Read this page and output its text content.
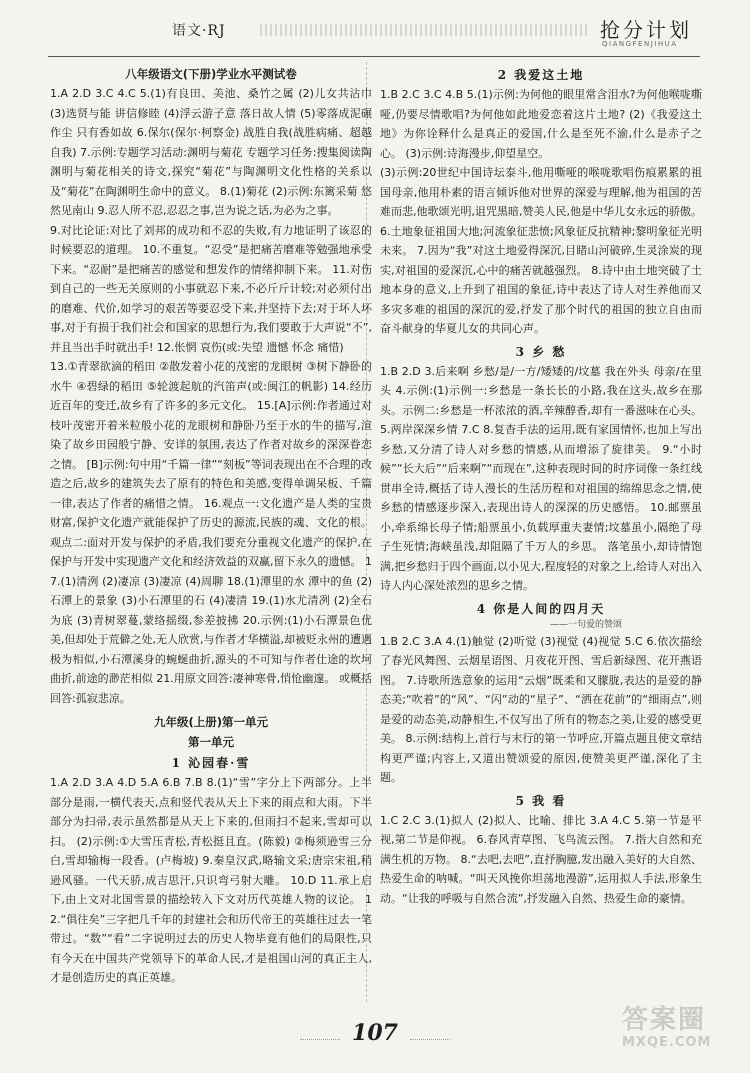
语文·RJ	抢分计划
QIANGFENJIHUA
八年级语文(下册)学业水平测试卷

1.A 2.D 3.C 4.C 5.(1)有良田、美池、桑竹之属 (2)儿女共沾巾 (3)选贤与能 讲信修睦 (4)浮云游子意 落日故人情 (5)零落成泥碾作尘 只有香如故 6.保尔(保尔·柯察金) 战胜自我(战胜病痛、超越自我) 7.示例:专题学习活动:渊明与菊花 专题学习任务:搜集阅读陶渊明与菊花相关的诗文,探究“菊花”与陶渊明文化性格的关系以及“菊花”在陶渊明生命中的意义。 8.(1)菊花 (2)示例:东篱采菊 悠然见南山 9.忍人所不忍,忍忍之事,岂为说之话,为必为之事。

9.对比论证:对比了刘邦的成功和不忍的失败,有力地证明了该忍的时候要忍的道理。 10.不重复。“忍受”是把痛苦磨难等勉强地承受下来。“忍耐”是把痛苦的感觉和想发作的情绪抑制下来。 11.对伤到自己的一些无关原则的小事就忍下来,不必斤斤计较;对必须付出的磨难、代价,如学习的艰苦等要忍受下来,并坚持下去;对于坏人坏事,对于有损于我们社会和国家的思想行为,我们要敢于大声说“不”,并且当出手时就出手! 12.怅惘 哀伤(或:失望 遗憾 怀念 痛惜)

13.①青翠欲滴的稻田 ②散发着小花的茂密的龙眼树 ③树下静卧的水牛 ④碧绿的稻田 ⑤轮渡起航的汽笛声(或:闽江的帆影) 14.经历近百年的变迁,故乡有了许多的多元文化。 15.[A]示例:作者通过对枝叶茂密开着米粒般小花的龙眼树和静卧乃至于水的牛的描写,渲染了故乡田园般宁静、安详的氛围,表达了作者对故乡的深深眷恋之情。 [B]示例:句中用“千篇一律”“刻板”等词表现出在不合理的改造之后,故乡的建筑失去了原有的特色和美感,变得单调呆板、千篇一律,表达了作者的痛惜之情。 16.观点一:文化遗产是人类的宝贵财富,保护文化遗产就能保护了历史的源流,民族的魂、文化的根。 观点二:面对开发与保护的矛盾,我们要充分重视文化遗产的保护,在保护与开发中实现遗产文化和经济效益的双赢,留下永久的遗憾。 17.(1)清洌 (2)凄凉 (3)凄凉 (4)周聊 18.(1)潭里的水 潭中的鱼 (2)石潭上的景象 (3)小石潭里的石 (4)凄清 19.(1)水尤清冽 (2)全石为底 (3)青树翠蔓,蒙络摇缀,参差披拂 20.示例:(1)小石潭景色优美,但却处于荒僻之处,无人欣赏,与作者才华横溢,却被贬永州的遭遇极为相似,小石潭溪身的蜿蜒曲折,源头的不可知与作者仕途的坎坷曲折,前途的渺茫相似 21.用原文回答:凄神寒骨,悄怆幽邃。 或概括回答:孤寂悲凉。

九年级(上册)第一单元
第一单元
1 沁园春·雪

1.A 2.D 3.A 4.D 5.A 6.B 7.B 8.(1)“雪”字分上下两部分。上半部分是雨,一横代表天,点和竖代表从天上下来的雨点和大雨。下半部分为扫帚,表示虽然都是从天上下来的,但雨扫不起来,雪却可以扫。 (2)示例:①大雪压青松,青松挺且直。(陈毅) ②梅须逊雪三分白,雪却输梅一段香。(卢梅坡) 9.秦皇汉武,略输文采;唐宗宋祖,稍逊风骚。一代天骄,成吉思汗,只识弯弓射大雕。 10.D 11.承上启下,由上文对北国雪景的描绘转入下文对历代英雄人物的议论。 12.“俱往矣”三字把几千年的封建社会和历代帝王的英雄往过去一笔带过。“数”“看”二字说明过去的历史人物毕竟有他们的局限性,只有今天在中国共产党领导下的革命人民,才是祖国山河的真正主人,才是创造历史的真正英雄。

2 我爱这土地

1.B 2.C 3.C 4.B 5.(1)示例:为何他的眼里常含泪水?为何他喉咙嘶哑,仍要尽情歌唱?为何他如此地爱恋着这片土地? (2)《我爱这土地》为你诠释什么是真正的爱国,什么是至死不渝,什么是赤子之心。 (3)示例:诗海漫步,仰望星空。

(3)示例:20世纪中国诗坛泰斗,他用嘶哑的喉咙歌唱伤痕累累的祖国母亲,他用朴素的语言倾诉他对世界的深爱与理解,他为祖国的苦难而悲,他歌颂光明,诅咒黑暗,赞美人民,他是中华儿女永远的骄傲。 6.土地象征祖国大地;河流象征悲愤;风象征反抗精神;黎明象征光明未来。 7.因为“我”对这土地爱得深沉,目睹山河破碎,生灵涂炭的现实,对祖国的爱深沉,心中的痛苦就越强烈。 8.诗中由土地突破了土地本身的意义,上升到了祖国的象征,诗中表达了诗人对生养他而又多灾多难的祖国的深沉的爱,抒发了那个时代的祖国的独立自由而奋斗献身的华夏儿女的共同心声。

3 乡 愁

1.B 2.D 3.后来啊 乡愁/是/一方/矮矮的/坟墓 我在外头 母亲/在里头 4.示例:(1)示例一:乡愁是一条长长的小路,我在这头,故乡在那头。示例二:乡愁是一杯浓浓的酒,辛辣醇香,却有一番滋味在心头。 5.两岸深深乡情 7.C 8.复杳手法的运用,既有家国情怀,也加上写出乡愁,又分清了诗人对乡愁的情感,从而增添了旋律美。 9.“小时候”“长大后”“后来啊”“而现在”,这种表现时间的时序词像一条红线贯串全诗,概括了诗人漫长的生活历程和对祖国的绵绵思念之情,使乡愁的情感逐步深入,表现出诗人的深深的历史感悟。 10.邮票虽小,牵系绵长母子情;船票虽小,负载厚重夫妻情;坟墓虽小,隔绝了母子生死情;海峡虽浅,却阻隔了千万人的乡思。 落笔虽小,却诗情饱满,把乡愁归于四个画面,以小见大,程度轻的对象之上,给诗人对出入诗人内心深处浓烈的思乡之情。

4 你是人间的四月天
——一句爱的赞颂

1.B 2.C 3.A 4.(1)触觉 (2)听觉 (3)视觉 (4)视觉 5.C 6.依次描绘了春光风舞图、云烟星语图、月夜花开图、雪后新绿图、花开燕语图。 7.诗歌所选意象的运用“云烟”既柔和又朦胧,表达的是爱的静态美;“吹着”的“风”、“闪”动的“星子”、“洒在花前”的“细雨点”,则是爱的动态美,动静相生,不仅写出了所有的物态之美,让爱的感受更美。 8.示例:结构上,首行与末行的第一节呼应,开篇点题且使文章结构更严谨;内容上,又道出赞颂爱的原因,使赞美更严谨,深化了主题。

5 我 看

1.C 2.C 3.(1)拟人 (2)拟人、比喻、排比 3.A 4.C 5.第一节是平视,第二节是仰视。 6.春风青草图、飞鸟流云图。 7.指大自然和充满生机的万物。 8.“去吧,去吧”,直抒胸臆,发出融入美好的大自然、热爱生命的呐喊。“叫天风挽你坦荡地漫游”,运用拟人手法,形象生动。“让我的呼吸与自然合流”,抒发融入自然、热爱生命的豪情。

107	答案圈
MXQE.COM
